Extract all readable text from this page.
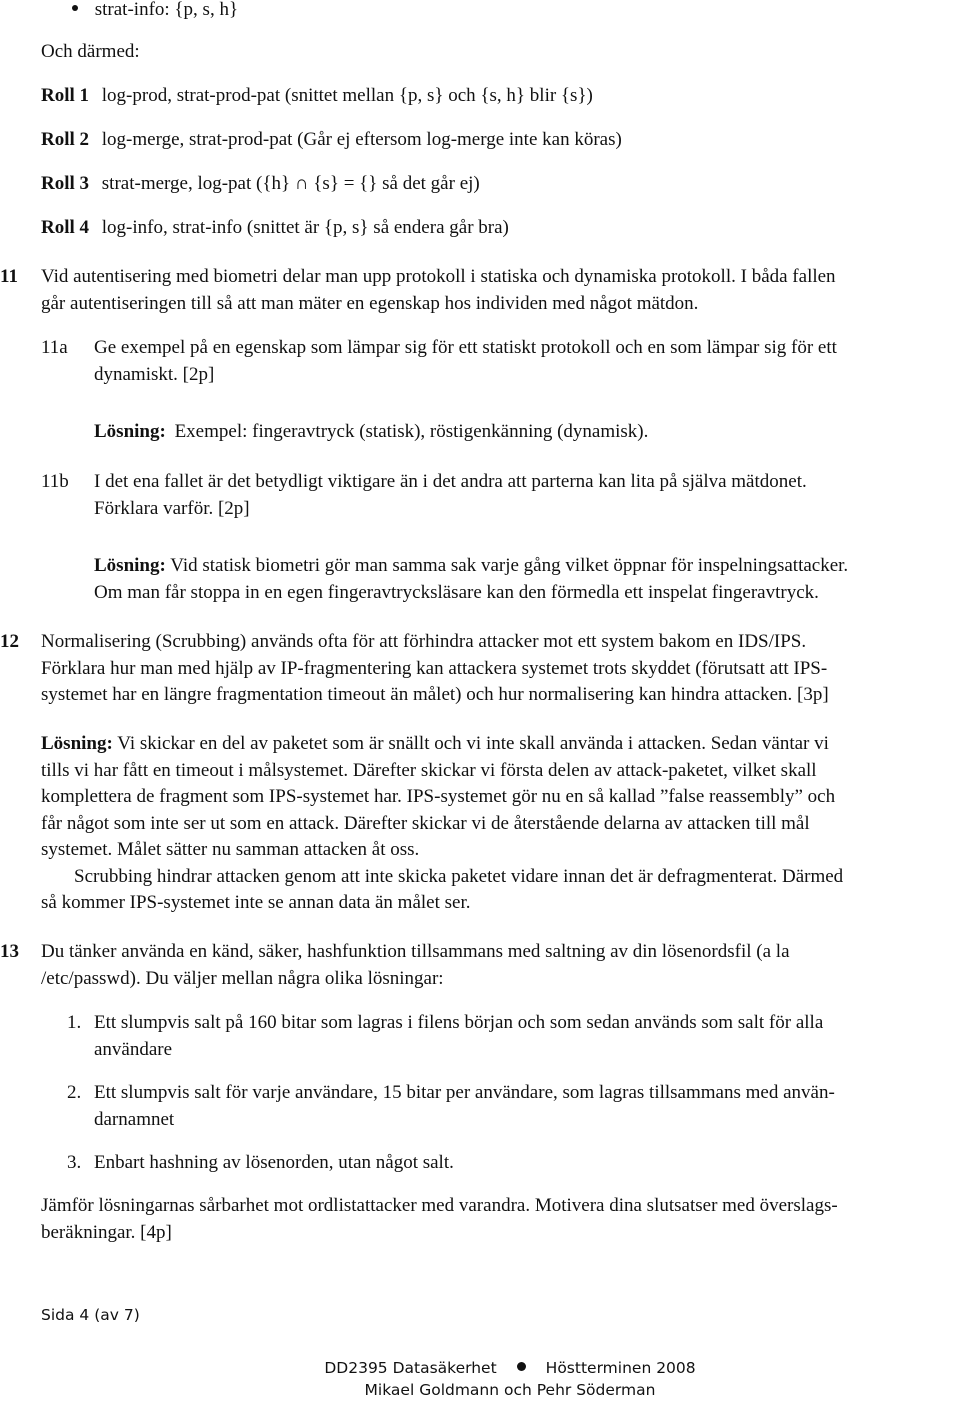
strat-info: {p, s, h}
Och därmed:
Roll 1 log-prod, strat-prod-pat (snittet mellan {p, s} och {s, h} blir {s})
Roll 2 log-merge, strat-prod-pat (Går ej eftersom log-merge inte kan köras)
Roll 3 strat-merge, log-pat ({h} ∩ {s} = {} så det går ej)
Roll 4 log-info, strat-info (snittet är {p, s} så endera går bra)
11 Vid autentisering med biometri delar man upp protokoll i statiska och dynamiska protokoll. I båda fallen
går autentiseringen till så att man mäter en egenskap hos individen med något mätdon.
11a Ge exempel på en egenskap som lämpar sig för ett statiskt protokoll och en som lämpar sig för ett
dynamiskt. [2p]
Lösning: Exempel: fingeravtryck (statisk), röstigenkänning (dynamisk).
11b I det ena fallet är det betydligt viktigare än i det andra att parterna kan lita på själva mätdonet.
Förklara varför. [2p]
Lösning: Vid statisk biometri gör man samma sak varje gång vilket öppnar för inspelningsattacker.
Om man får stoppa in en egen fingeravtrycksläsare kan den förmedla ett inspelat fingeravtryck.
12 Normalisering (Scrubbing) används ofta för att förhindra attacker mot ett system bakom en IDS/IPS.
Förklara hur man med hjälp av IP-fragmentering kan attackera systemet trots skyddet (förutsatt att IPS-
systemet har en längre fragmentation timeout än målet) och hur normalisering kan hindra attacken. [3p]
Lösning: Vi skickar en del av paketet som är snällt och vi inte skall använda i attacken. Sedan väntar vi
tills vi har fått en timeout i målsystemet. Därefter skickar vi första delen av attack-paketet, vilket skall
komplettera de fragment som IPS-systemet har. IPS-systemet gör nu en så kallad ”false reassembly” och
får något som inte ser ut som en attack. Därefter skickar vi de återstående delarna av attacken till mål
systemet. Målet sätter nu samman attacken åt oss.
Scrubbing hindrar attacken genom att inte skicka paketet vidare innan det är defragmenterat. Därmed
så kommer IPS-systemet inte se annan data än målet ser.
13 Du tänker använda en känd, säker, hashfunktion tillsammans med saltning av din lösenordsfil (a la
/etc/passwd). Du väljer mellan några olika lösningar:
1. Ett slumpvis salt på 160 bitar som lagras i filens början och som sedan används som salt för alla
användare
2. Ett slumpvis salt för varje användare, 15 bitar per användare, som lagras tillsammans med använ-
darnamnet
3. Enbart hashning av lösenorden, utan något salt.
Jämför lösningarnas sårbarhet mot ordlistattacker med varandra. Motivera dina slutsatser med överslags-
beräkningar. [4p]
Sida 4 (av 7)
DD2395 Datasäkerhet	Höstterminen 2008
Mikael Goldmann och Pehr Söderman
